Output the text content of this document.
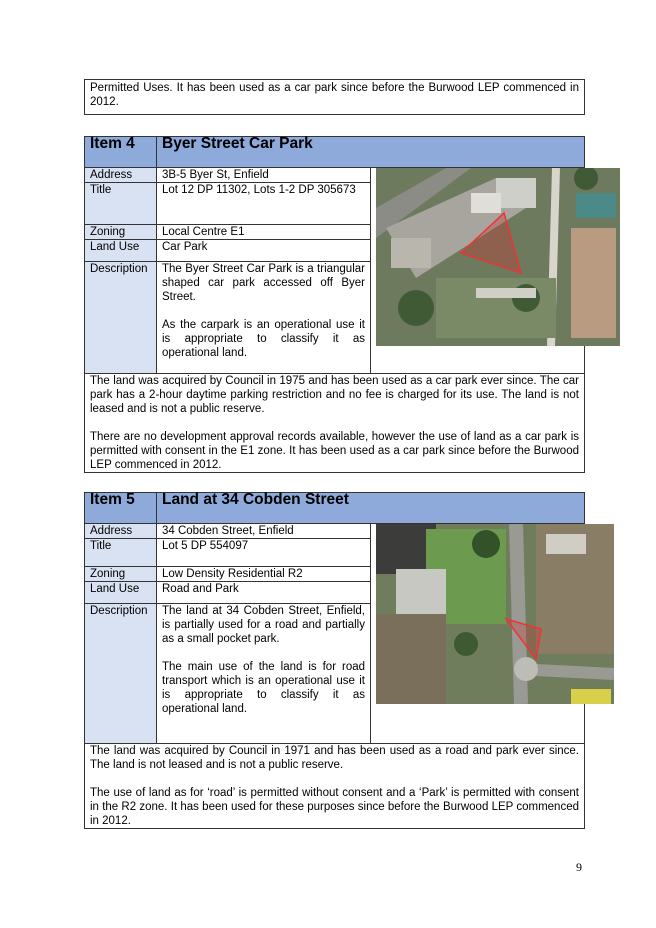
Permitted Uses. It has been used as a car park since before the Burwood LEP commenced in 2012.
Item 4	Byer Street Car Park	
Address	3B-5 Byer St, Enfield	

Title	Lot 12 DP 11302, Lots 1-2 DP 305673	
Zoning	Local Centre E1	
Land Use	Car Park	
Description	The Byer Street Car Park is a triangular shaped car park accessed off Byer Street.
As the carpark is an operational use it is appropriate to classify it as operational land.	

The land was acquired by Council in 1975 and has been used as a car park ever since. The car park has a 2-hour daytime parking restriction and no fee is charged for its use. The land is not leased and is not a public reserve.
There are no development approval records available, however the use of land as a car park is permitted with consent in the E1 zone. It has been used as a car park since before the Burwood LEP commenced in 2012.		
Item 5	Land at 34 Cobden Street	
Address	34 Cobden Street, Enfield	

Title	Lot 5 DP 554097	
Zoning	Low Density Residential R2	
Land Use	Road and Park	
Description	The land at 34 Cobden Street, Enfield, is partially used for a road and partially as a small pocket park.
The main use of the land is for road transport which is an operational use it is appropriate to classify it as operational land.	

The land was acquired by Council in 1971 and has been used as a road and park ever since. The land is not leased and is not a public reserve.
The use of land as for ‘road’ is permitted without consent and a ‘Park’ is permitted with consent in the R2 zone. It has been used for these purposes since before the Burwood LEP commenced in 2012.		
9
